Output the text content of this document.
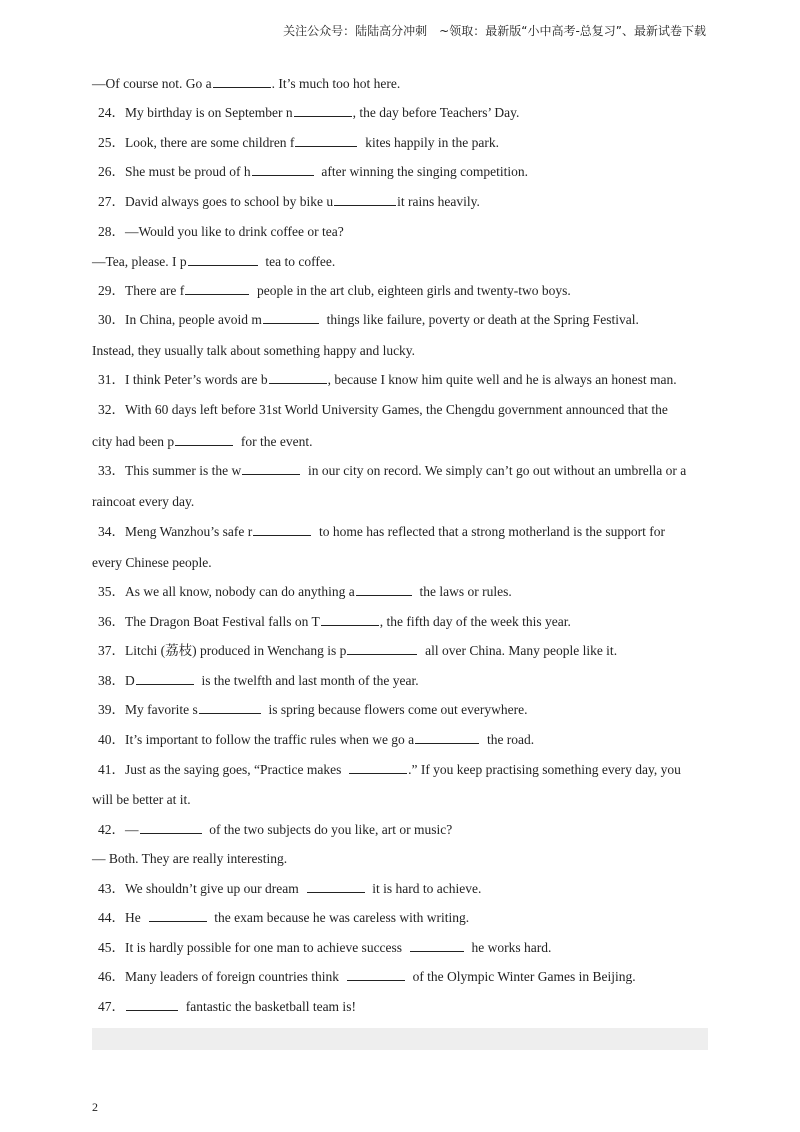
关注公众号：陆陆高分冲刺　~领取：最新版“小中高考-总复习”、最新试卷下载
—Of course not. Go a	. It’s much too hot here.
24．My birthday is on September n	, the day before Teachers’ Day.
25．Look, there are some children f	kites happily in the park.
26．She must be proud of h	after winning the singing competition.
27．David always goes to school by bike u	it rains heavily.
28．—Would you like to drink coffee or tea?
—Tea, please. I p	tea to coffee.
29．There are f	people in the art club, eighteen girls and twenty-two boys.
30．In China, people avoid m	things like failure, poverty or death at the Spring Festival.
Instead, they usually talk about something happy and lucky.
31．I think Peter’s words are b	, because I know him quite well and he is always an honest man.
32．With 60 days left before 31st World University Games, the Chengdu government announced that the
city had been p	for the event.
33．This summer is the w	in our city on record. We simply can’t go out without an umbrella or a
raincoat every day.
34．Meng Wanzhou’s safe r	to home has reflected that a strong motherland is the support for
every Chinese people.
35．As we all know, nobody can do anything a	the laws or rules.
36．The Dragon Boat Festival falls on T	, the fifth day of the week this year.
37．Litchi (荔枝) produced in Wenchang is p	all over China. Many people like it.
38．D	is the twelfth and last month of the year.
39．My favorite s	is spring because flowers come out everywhere.
40．It’s important to follow the traffic rules when we go a	the road.
41．Just as the saying goes, “Practice makes	.” If you keep practising something every day, you
will be better at it.
42．—	of the two subjects do you like, art or music?
— Both. They are really interesting.
43．We shouldn’t give up our dream	it is hard to achieve.
44．He	the exam because he was careless with writing.
45．It is hardly possible for one man to achieve success	he works hard.
46．Many leaders of foreign countries think	of the Olympic Winter Games in Beijing.
47．	fantastic the basketball team is!
2
